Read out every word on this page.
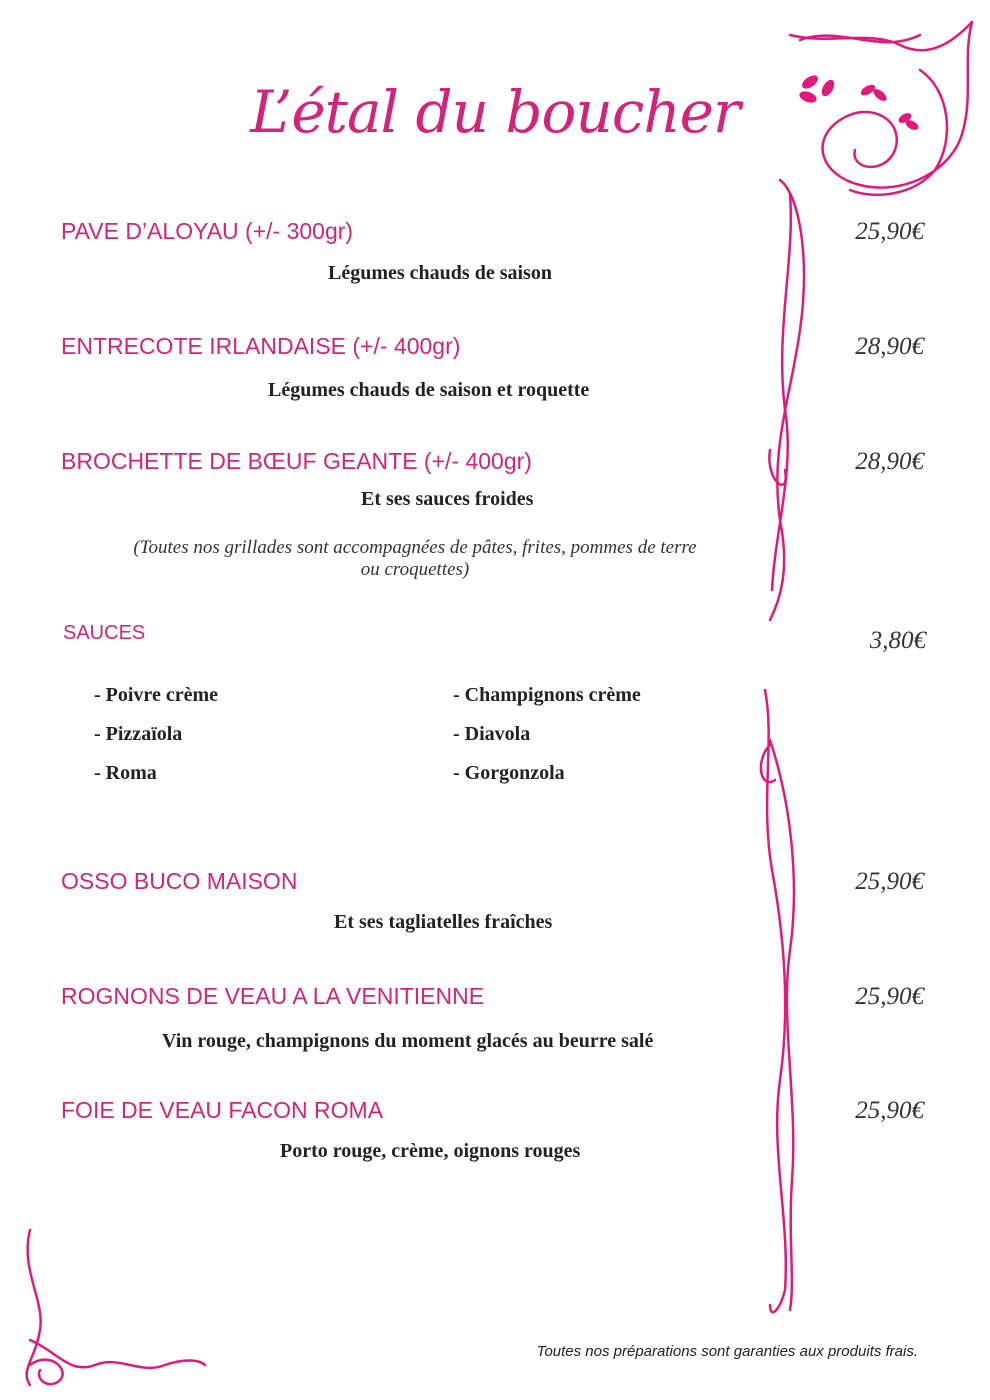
L’étal du boucher
PAVE D’ALOYAU (+/- 300gr)	25,90€
Légumes chauds de saison
ENTRECOTE IRLANDAISE (+/- 400gr)	28,90€
Légumes chauds de saison et roquette
BROCHETTE DE BŒUF GEANTE (+/- 400gr)	28,90€
Et ses sauces froides
(Toutes nos grillades sont accompagnées de pâtes, frites, pommes de terre
ou croquettes)
SAUCES	3,80€
- Poivre crème	- Champignons crème
- Pizzaïola	- Diavola
- Roma	- Gorgonzola
OSSO BUCO MAISON	25,90€
Et ses tagliatelles fraîches
ROGNONS DE VEAU A LA VENITIENNE	25,90€
Vin rouge, champignons du moment glacés au beurre salé
FOIE DE VEAU FACON ROMA	25,90€
Porto rouge, crème, oignons rouges
Toutes nos préparations sont garanties aux produits frais.
